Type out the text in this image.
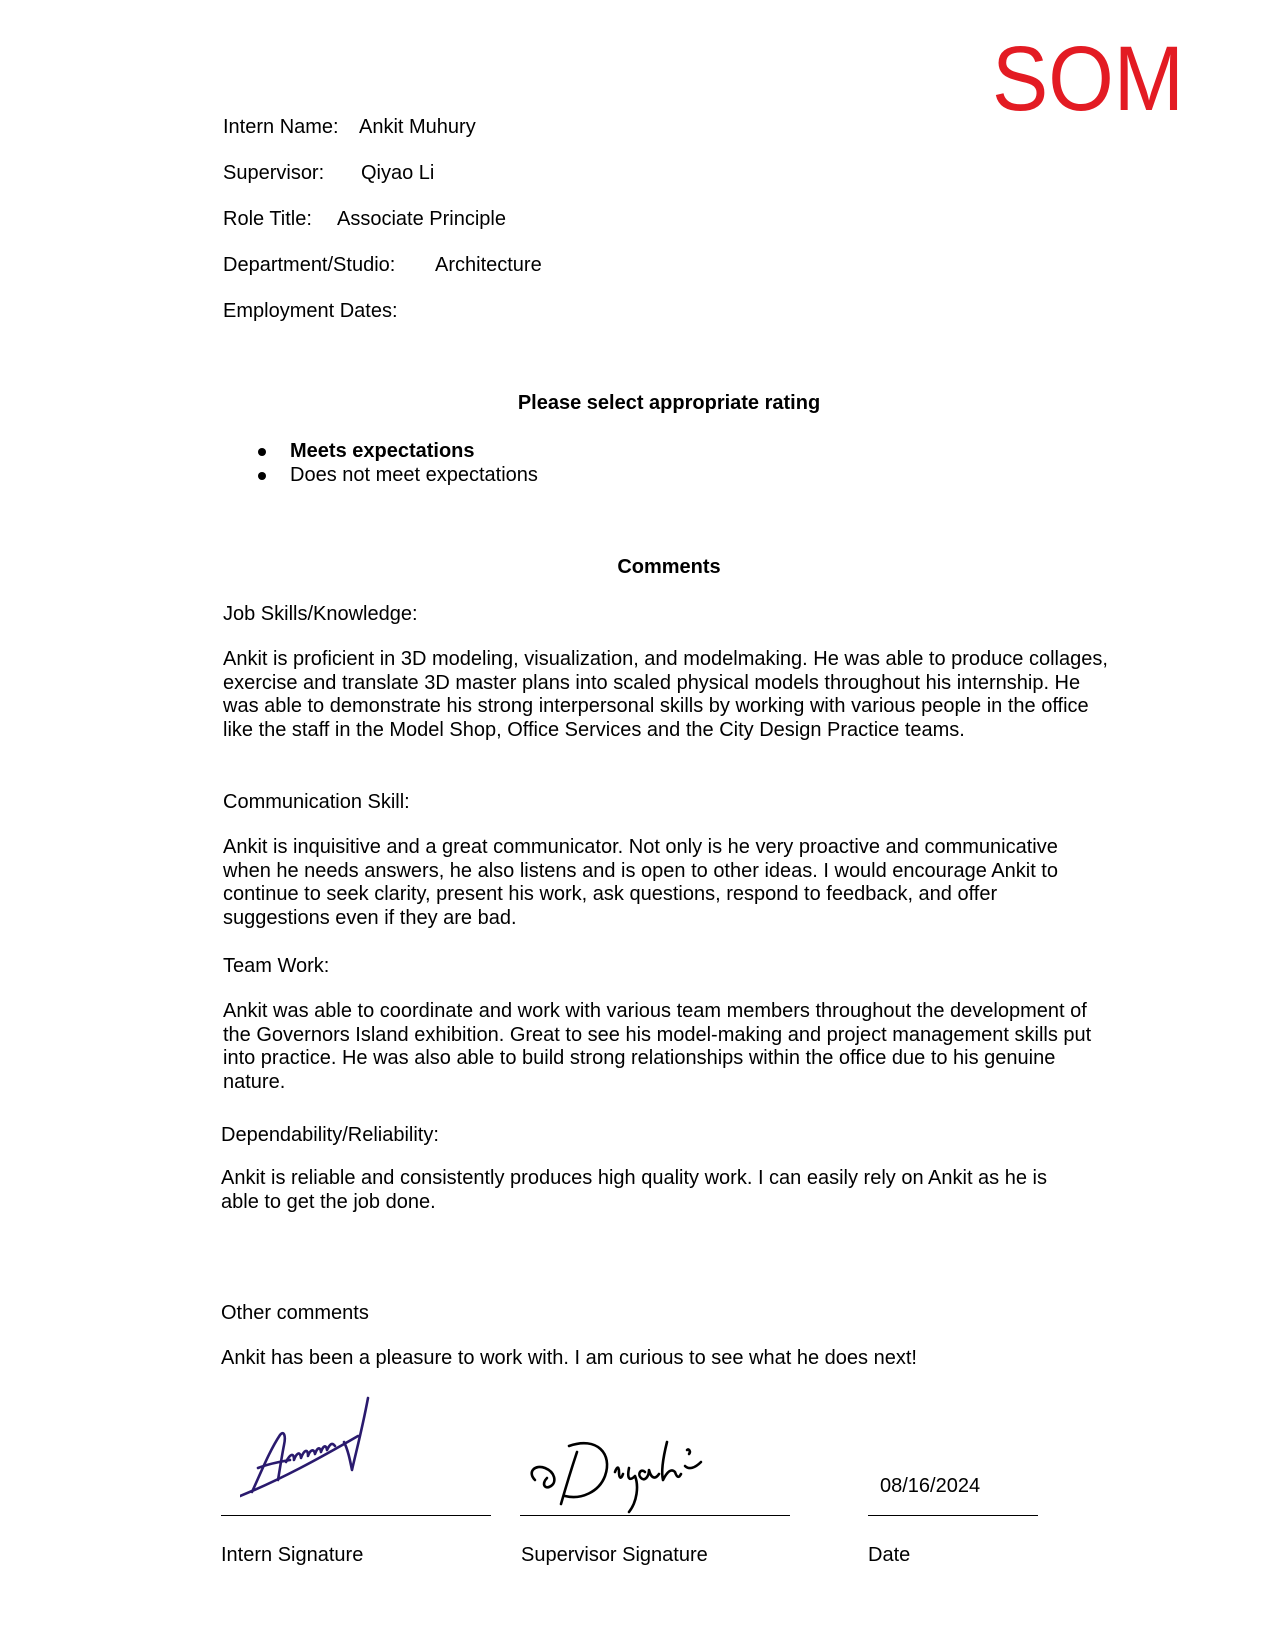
SOM
Intern Name: Ankit Muhury
Supervisor: Qiyao Li
Role Title: Associate Principle
Department/Studio: Architecture
Employment Dates:
Please select appropriate rating
Meets expectations
Does not meet expectations
Comments
Job Skills/Knowledge:
Ankit is proficient in 3D modeling, visualization, and modelmaking. He was able to produce collages, exercise and translate 3D master plans into scaled physical models throughout his internship. He was able to demonstrate his strong interpersonal skills by working with various people in the office like the staff in the Model Shop, Office Services and the City Design Practice teams.
Communication Skill:
Ankit is inquisitive and a great communicator. Not only is he very proactive and communicative when he needs answers, he also listens and is open to other ideas. I would encourage Ankit to continue to seek clarity, present his work, ask questions, respond to feedback, and offer suggestions even if they are bad.
Team Work:
Ankit was able to coordinate and work with various team members throughout the development of the Governors Island exhibition. Great to see his model-making and project management skills put into practice. He was also able to build strong relationships within the office due to his genuine nature.
Dependability/Reliability:
Ankit is reliable and consistently produces high quality work. I can easily rely on Ankit as he is able to get the job done.
Other comments
Ankit has been a pleasure to work with. I am curious to see what he does next!
08/16/2024
Intern Signature	Supervisor Signature	Date
